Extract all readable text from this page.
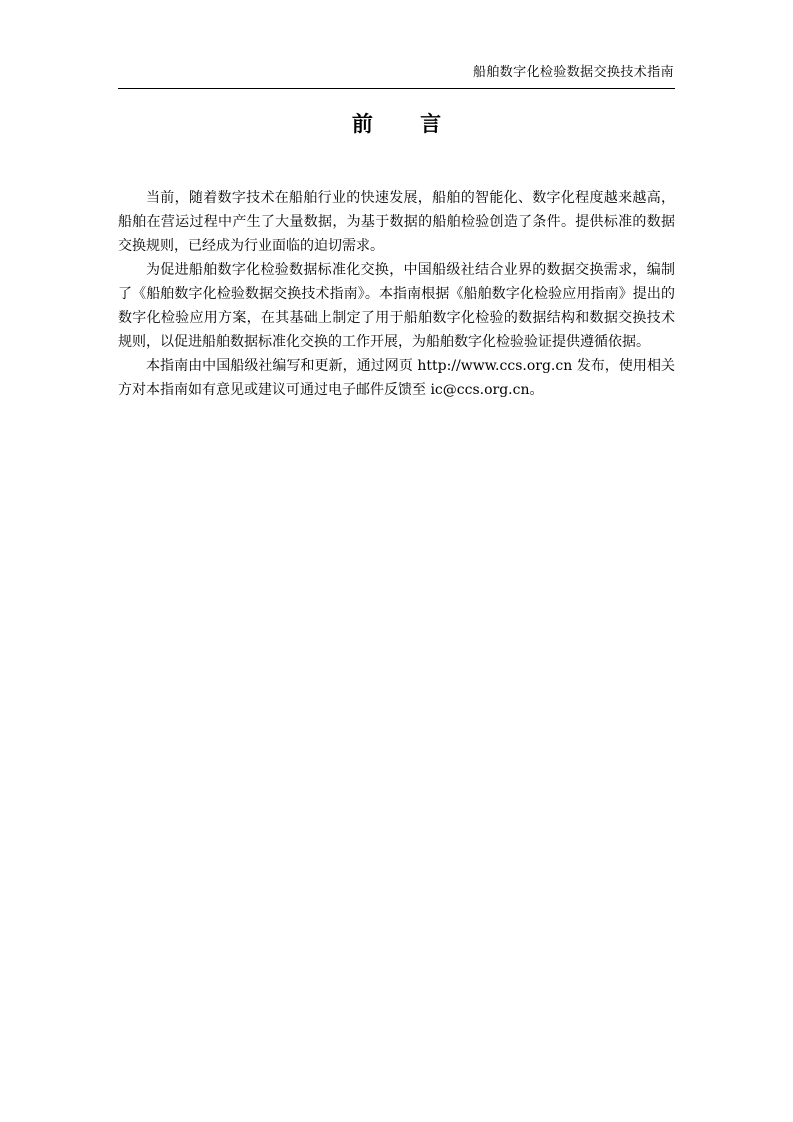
船舶数字化检验数据交换技术指南
前 言

当前，随着数字技术在船舶行业的快速发展，船舶的智能化、数字化程度越来越高，船舶在营运过程中产生了大量数据，为基于数据的船舶检验创造了条件。提供标准的数据交换规则，已经成为行业面临的迫切需求。

为促进船舶数字化检验数据标准化交换，中国船级社结合业界的数据交换需求，编制了《船舶数字化检验数据交换技术指南》。本指南根据《船舶数字化检验应用指南》提出的数字化检验应用方案，在其基础上制定了用于船舶数字化检验的数据结构和数据交换技术规则，以促进船舶数据标准化交换的工作开展，为船舶数字化检验验证提供遵循依据。

本指南由中国船级社编写和更新，通过网页 http://www.ccs.org.cn 发布，使用相关方对本指南如有意见或建议可通过电子邮件反馈至 ic@ccs.org.cn。
